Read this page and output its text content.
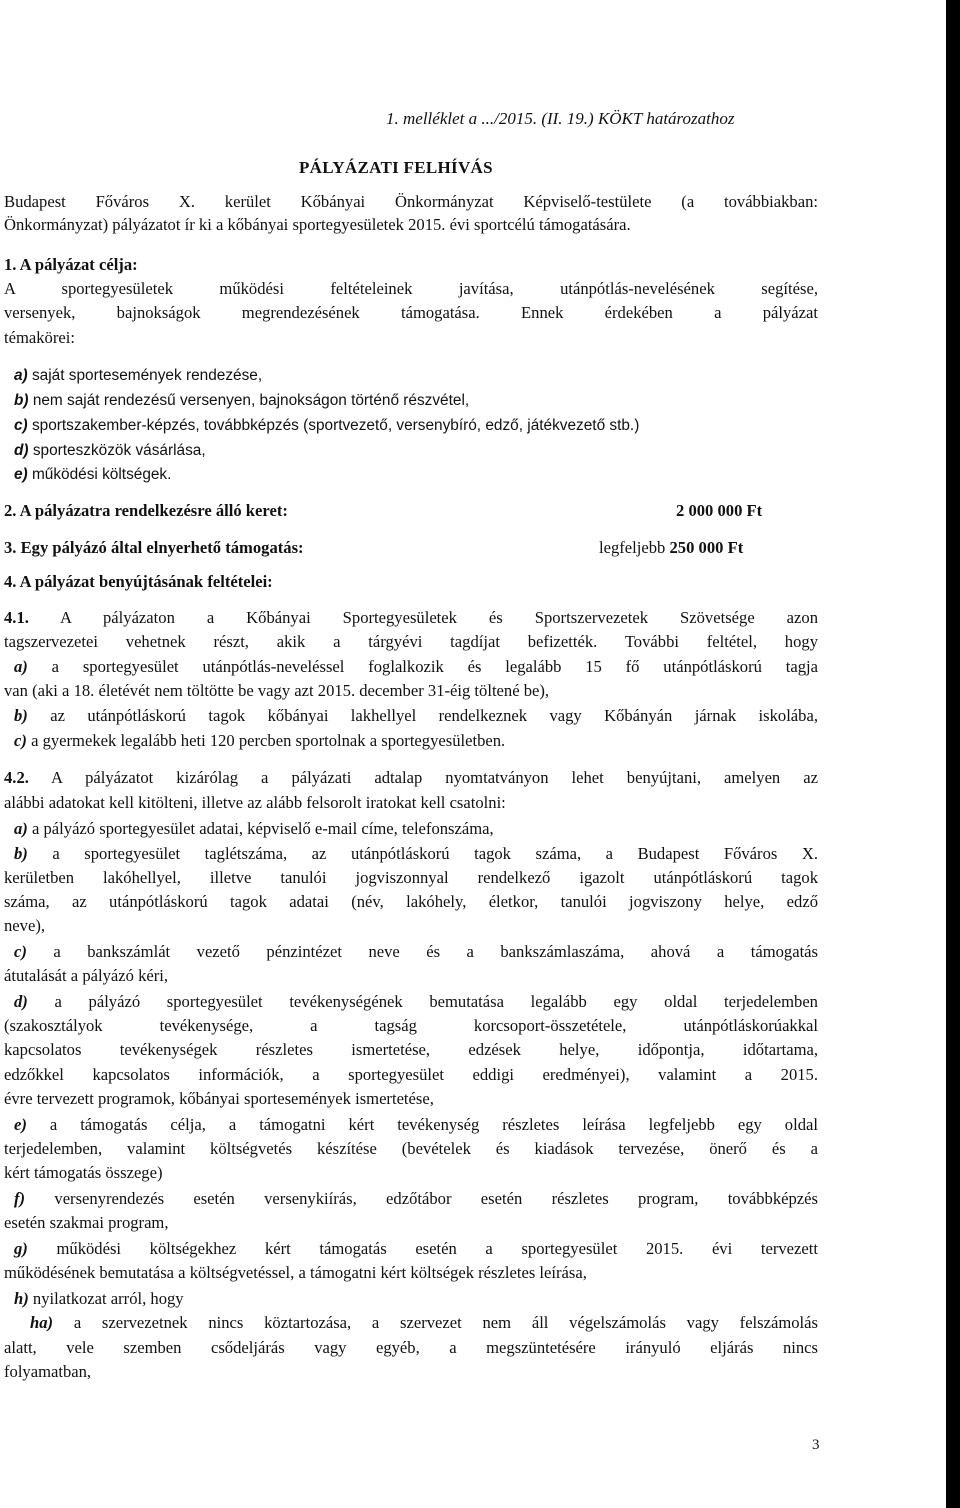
1. melléklet a .../2015. (II. 19.) KÖKT határozathoz
PÁLYÁZATI FELHÍVÁS
Budapest Főváros X. kerület Kőbányai Önkormányzat Képviselő-testülete (a továbbiakban:
Önkormányzat) pályázatot ír ki a kőbányai sportegyesületek 2015. évi sportcélú támogatására.
1. A pályázat célja:
A sportegyesületek működési feltételeinek javítása, utánpótlás-nevelésének segítése,
versenyek, bajnokságok megrendezésének támogatása. Ennek érdekében a pályázat
témakörei:
a) saját sportesemények rendezése,
b) nem saját rendezésű versenyen, bajnokságon történő részvétel,
c) sportszakember-képzés, továbbképzés (sportvezető, versenybíró, edző, játékvezető stb.)
d) sporteszközök vásárlása,
e) működési költségek.
2. A pályázatra rendelkezésre álló keret:	2 000 000 Ft
3. Egy pályázó által elnyerhető támogatás:	legfeljebb 250 000 Ft
4. A pályázat benyújtásának feltételei:
4.1. A pályázaton a Kőbányai Sportegyesületek és Sportszervezetek Szövetsége azon
tagszervezetei vehetnek részt, akik a tárgyévi tagdíjat befizették. További feltétel, hogy
a) a sportegyesület utánpótlás-neveléssel foglalkozik és legalább 15 fő utánpótláskorú tagja
van (aki a 18. életévét nem töltötte be vagy azt 2015. december 31-éig töltené be),
b) az utánpótláskorú tagok kőbányai lakhellyel rendelkeznek vagy Kőbányán járnak iskolába,
c) a gyermekek legalább heti 120 percben sportolnak a sportegyesületben.
4.2. A pályázatot kizárólag a pályázati adtalap nyomtatványon lehet benyújtani, amelyen az
alábbi adatokat kell kitölteni, illetve az alább felsorolt iratokat kell csatolni:
a) a pályázó sportegyesület adatai, képviselő e-mail címe, telefonszáma,
b) a sportegyesület taglétszáma, az utánpótláskorú tagok száma, a Budapest Főváros X.
kerületben lakóhellyel, illetve tanulói jogviszonnyal rendelkező igazolt utánpótláskorú tagok
száma, az utánpótláskorú tagok adatai (név, lakóhely, életkor, tanulói jogviszony helye, edző
neve),
c) a bankszámlát vezető pénzintézet neve és a bankszámlaszáma, ahová a támogatás
átutalását a pályázó kéri,
d) a pályázó sportegyesület tevékenységének bemutatása legalább egy oldal terjedelemben
(szakosztályok tevékenysége, a tagság korcsoport-összetétele, utánpótláskorúakkal
kapcsolatos tevékenységek részletes ismertetése, edzések helye, időpontja, időtartama,
edzőkkel kapcsolatos információk, a sportegyesület eddigi eredményei), valamint a 2015.
évre tervezett programok, kőbányai sportesemények ismertetése,
e) a támogatás célja, a támogatni kért tevékenység részletes leírása legfeljebb egy oldal
terjedelemben, valamint költségvetés készítése (bevételek és kiadások tervezése, önerő és a
kért támogatás összege)
f) versenyrendezés esetén versenykiírás, edzőtábor esetén részletes program, továbbképzés
esetén szakmai program,
g) működési költségekhez kért támogatás esetén a sportegyesület 2015. évi tervezett
működésének bemutatása a költségvetéssel, a támogatni kért költségek részletes leírása,
h) nyilatkozat arról, hogy
ha) a szervezetnek nincs köztartozása, a szervezet nem áll végelszámolás vagy felszámolás
alatt, vele szemben csődeljárás vagy egyéb, a megszüntetésére irányuló eljárás nincs
folyamatban,
3
